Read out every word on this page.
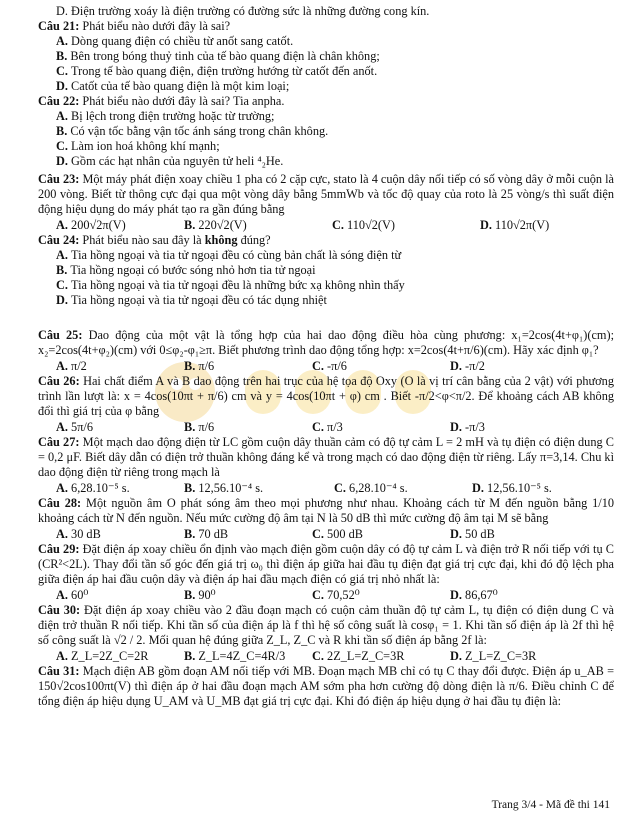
D. Điện trường xoáy là điện trường có đường sức là những đường cong kín.

Câu 21: Phát biểu nào dưới đây là sai?

A. Dòng quang điện có chiều từ anốt sang catốt.

B. Bên trong bóng thuỷ tinh của tế bào quang điện là chân không;

C. Trong tế bào quang điện, điện trường hướng từ catốt đến anốt.

D. Catốt của tế bào quang điện là một kim loại;

Câu 22: Phát biểu nào dưới đây là sai? Tia anpha.

A. Bị lệch trong điện trường hoặc từ trường;

B. Có vận tốc bằng vận tốc ánh sáng trong chân không.

C. Làm ion hoá không khí mạnh;

D. Gồm các hạt nhân của nguyên tử heli ⁴₂He.

Câu 23: Một máy phát điện xoay chiều 1 pha có 2 cặp cực, stato là 4 cuộn dây nối tiếp có số vòng dây ở mỗi cuộn là 200 vòng. Biết từ thông cực đại qua một vòng dây bằng 5mmWb và tốc độ quay của roto là 25 vòng/s thì suất điện động hiệu dụng do máy phát tạo ra gần đúng bằng

A. 200√2π(V)	B. 220√2(V)	C. 110√2(V)	D. 110√2π(V)

Câu 24: Phát biểu nào sau đây là không đúng?

A. Tia hồng ngoại và tia tử ngoại đều có cùng bản chất là sóng điện từ

B. Tia hồng ngoại có bước sóng nhỏ hơn tia tử ngoại

C. Tia hồng ngoại và tia tử ngoại đều là những bức xạ không nhìn thấy

D. Tia hồng ngoại và tia tử ngoại đều có tác dụng nhiệt

Câu 25: Dao động của một vật là tổng hợp của hai dao động điều hòa cùng phương: x₁=2cos(4t+φ₁)(cm); x₂=2cos(4t+φ₂)(cm) với 0≤φ₂-φ₁≥π. Biết phương trình dao động tổng hợp: x=2cos(4t+π/6)(cm). Hãy xác định φ₁?

A. π/2	B. π/6	C. -π/6	D. -π/2

Câu 26: Hai chất điểm A và B dao động trên hai trục của hệ tọa độ Oxy (O là vị trí cân bằng của 2 vật) với phương trình lần lượt là: x = 4cos(10πt + π/6) cm và y = 4cos(10πt + φ) cm . Biết -π/2<φ<π/2. Để khoảng cách AB không đổi thì giá trị của φ bằng

A. 5π/6	B. π/6	C. π/3	D. -π/3

Câu 27: Một mạch dao động điện từ LC gồm cuộn dây thuần cảm có độ tự cảm L = 2 mH và tụ điện có điện dung C = 0,2 μF. Biết dây dẫn có điện trở thuần không đáng kể và trong mạch có dao động điện từ riêng. Lấy π=3,14. Chu kì dao động điện từ riêng trong mạch là

A. 6,28.10⁻⁵ s.	B. 12,56.10⁻⁴ s.	C. 6,28.10⁻⁴ s.	D. 12,56.10⁻⁵ s.

Câu 28: Một nguồn âm O phát sóng âm theo mọi phương như nhau. Khoảng cách từ M đến nguồn bằng 1/10 khoảng cách từ N đến nguồn. Nếu mức cường độ âm tại N là 50 dB thì mức cường độ âm tại M sẽ bằng

A. 30 dB	B. 70 dB	C. 500 dB	D. 50 dB

Câu 29: Đặt điện áp xoay chiều ổn định vào mạch điện gồm cuộn dây có độ tự cảm L và điện trở R nối tiếp với tụ C (CR²<2L). Thay đổi tần số góc đến giá trị ω₀ thì điện áp giữa hai đầu tụ điện đạt giá trị cực đại, khi đó độ lệch pha giữa điện áp hai đầu cuộn dây và điện áp hai đầu mạch điện có giá trị nhỏ nhất là:

A. 60⁰	B. 90⁰	C. 70,52⁰	D. 86,67⁰

Câu 30: Đặt điện áp xoay chiều vào 2 đầu đoạn mạch có cuộn cảm thuần độ tự cảm L, tụ điện có điện dung C và điện trở thuần R nối tiếp. Khi tần số của điện áp là f thì hệ số công suất là cosφ₁ = 1. Khi tần số điện áp là 2f thì hệ số công suất là √2 / 2. Mối quan hệ đúng giữa Z_L, Z_C và R khi tần số điện áp bằng 2f là:

A. Z_L=2Z_C=2R	B. Z_L=4Z_C=4R/3	C. 2Z_L=Z_C=3R	D. Z_L=Z_C=3R

Câu 31: Mạch điện AB gồm đoạn AM nối tiếp với MB. Đoạn mạch MB chỉ có tụ C thay đổi được. Điện áp u_AB = 150√2cos100πt(V) thì điện áp ở hai đầu đoạn mạch AM sớm pha hơn cường độ dòng điện là π/6. Điều chỉnh C để tổng điện áp hiệu dụng U_AM và U_MB đạt giá trị cực đại. Khi đó điện áp hiệu dụng ở hai đầu tụ điện là:

Trang 3/4 - Mã đề thi 141
